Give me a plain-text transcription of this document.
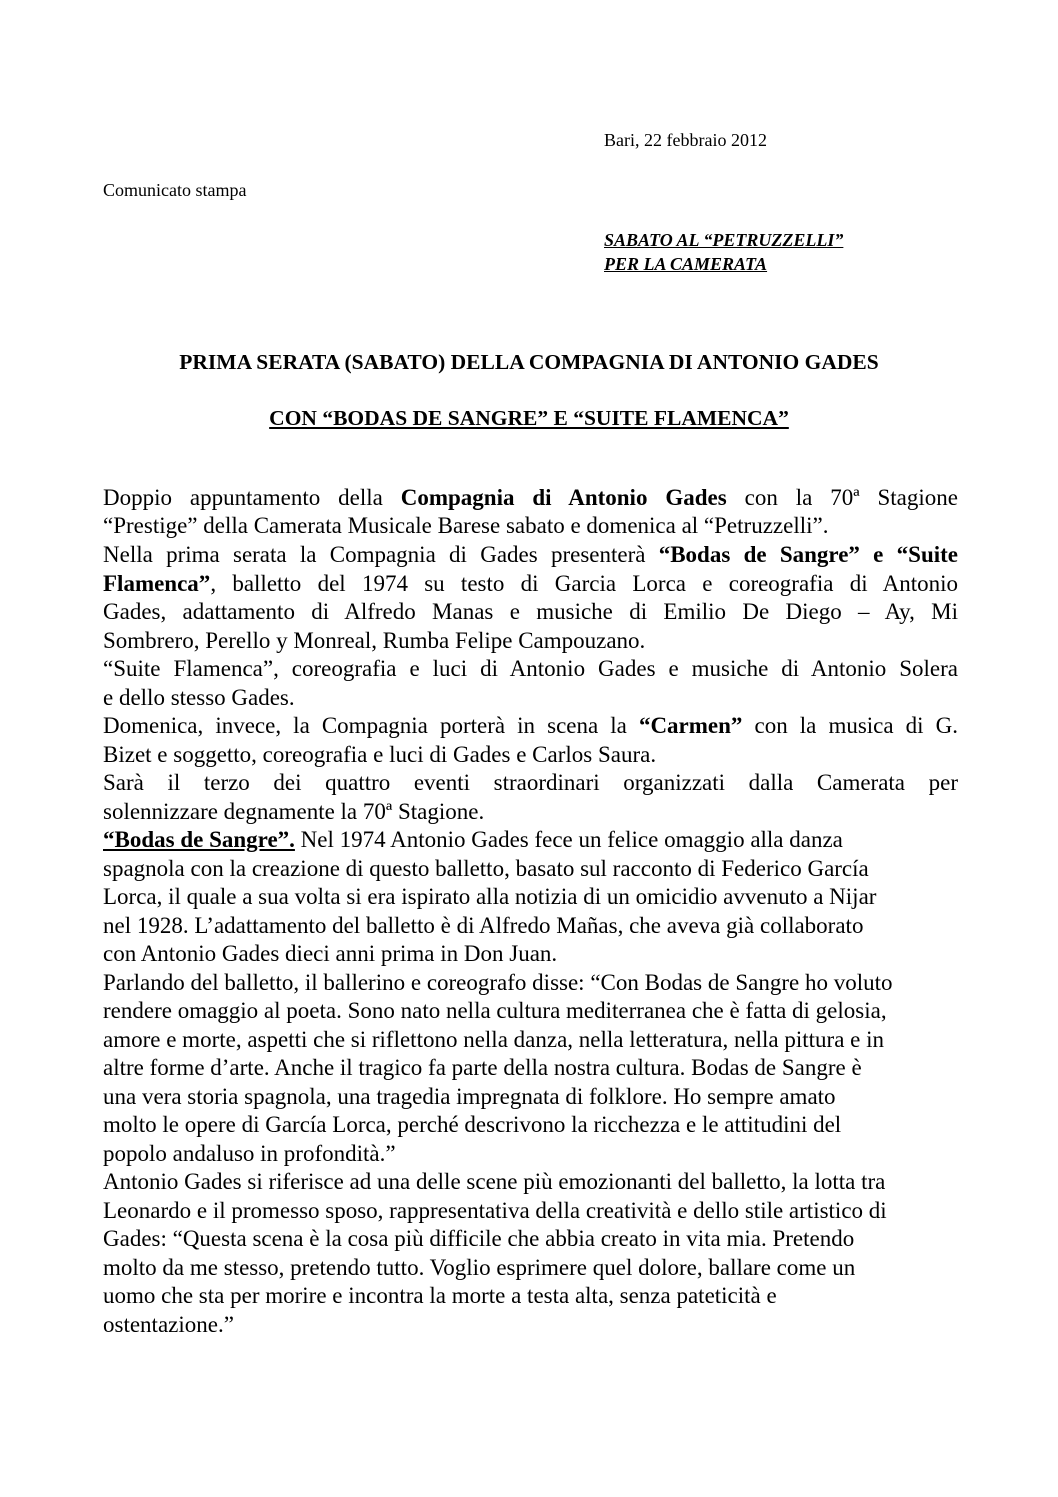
Bari, 22 febbraio 2012
Comunicato stampa
SABATO AL “PETRUZZELLI”
PER LA CAMERATA
PRIMA SERATA (SABATO) DELLA COMPAGNIA DI ANTONIO GADES
CON “BODAS DE SANGRE” E “SUITE FLAMENCA”
Doppio appuntamento della Compagnia di Antonio Gades con la 70ª Stagione
“Prestige” della Camerata Musicale Barese sabato e domenica al “Petruzzelli”.
Nella prima serata la Compagnia di Gades presenterà “Bodas de Sangre” e “Suite
Flamenca”, balletto del 1974 su testo di Garcia Lorca e coreografia di Antonio
Gades, adattamento di Alfredo Manas e musiche di Emilio De Diego – Ay, Mi
Sombrero, Perello y Monreal, Rumba Felipe Campouzano.
“Suite Flamenca”, coreografia e luci di Antonio Gades e musiche di Antonio Solera
e dello stesso Gades.
Domenica, invece, la Compagnia porterà in scena la “Carmen” con la musica di G.
Bizet e soggetto, coreografia e luci di Gades e Carlos Saura.
Sarà il terzo dei quattro eventi straordinari organizzati dalla Camerata per
solennizzare degnamente la 70ª Stagione.
“Bodas de Sangre”. Nel 1974 Antonio Gades fece un felice omaggio alla danza
spagnola con la creazione di questo balletto, basato sul racconto di Federico García
Lorca, il quale a sua volta si era ispirato alla notizia di un omicidio avvenuto a Nijar
nel 1928. L’adattamento del balletto è di Alfredo Mañas, che aveva già collaborato
con Antonio Gades dieci anni prima in Don Juan.
Parlando del balletto, il ballerino e coreografo disse: “Con Bodas de Sangre ho voluto
rendere omaggio al poeta. Sono nato nella cultura mediterranea che è fatta di gelosia,
amore e morte, aspetti che si riflettono nella danza, nella letteratura, nella pittura e in
altre forme d’arte. Anche il tragico fa parte della nostra cultura. Bodas de Sangre è
una vera storia spagnola, una tragedia impregnata di folklore. Ho sempre amato
molto le opere di García Lorca, perché descrivono la ricchezza e le attitudini del
popolo andaluso in profondità.”
Antonio Gades si riferisce ad una delle scene più emozionanti del balletto, la lotta tra
Leonardo e il promesso sposo, rappresentativa della creatività e dello stile artistico di
Gades: “Questa scena è la cosa più difficile che abbia creato in vita mia. Pretendo
molto da me stesso, pretendo tutto. Voglio esprimere quel dolore, ballare come un
uomo che sta per morire e incontra la morte a testa alta, senza pateticità e
ostentazione.”
